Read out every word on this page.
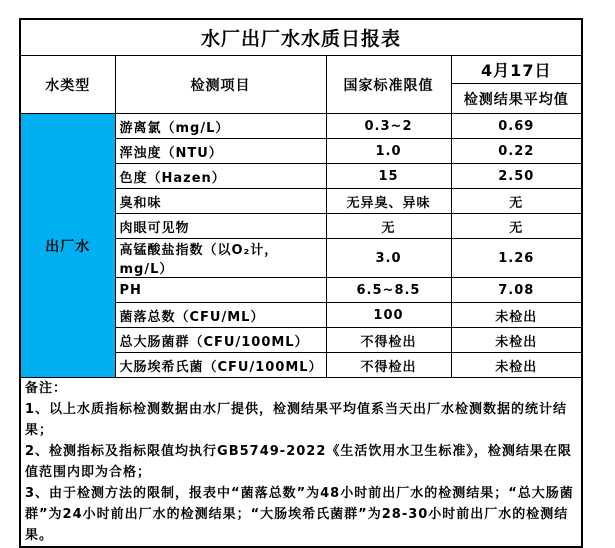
水厂出厂水水质日报表			
水类型	检测项目	国家标准限值	4月17日
			检测结果平均值
出厂水	游离氯（mg/L）	0.3~2	0.69
	浑浊度（NTU）	1.0	0.22
	色度（Hazen）	15	2.50
	臭和味	无异臭、异味	无
	肉眼可见物	无	无
	高锰酸盐指数（以O₂计，mg/L）	3.0	1.26
	PH	6.5~8.5	7.08
	菌落总数（CFU/ML）	100	未检出
	总大肠菌群（CFU/100ML）	不得检出	未检出
	大肠埃希氏菌（CFU/100ML）	不得检出	未检出

备注：

1、以上水质指标检测数据由水厂提供，检测结果平均值系当天出厂水检测数据的统计结果；

2、检测指标及指标限值均执行GB5749-2022《生活饮用水卫生标准》，检测结果在限值范围内即为合格；

3、由于检测方法的限制，报表中“菌落总数”为48小时前出厂水的检测结果；“总大肠菌群”为24小时前出厂水的检测结果；“大肠埃希氏菌群”为28-30小时前出厂水的检测结果。			
